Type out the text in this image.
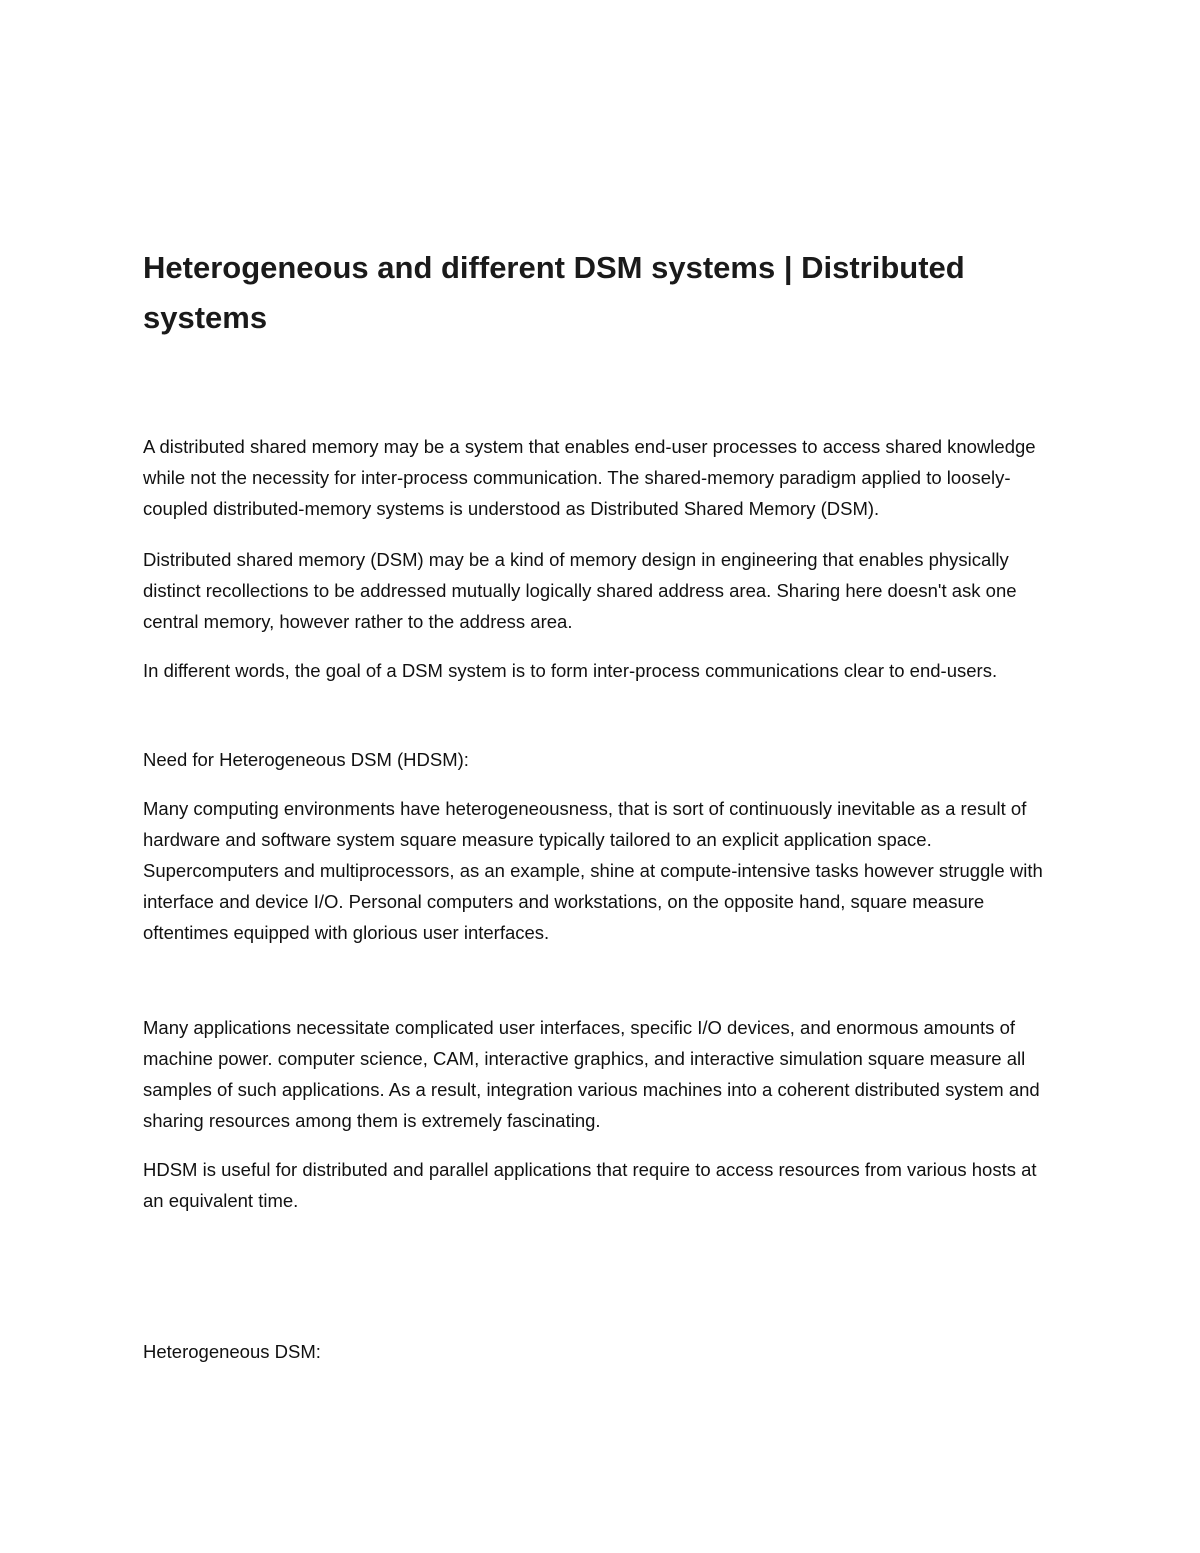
Heterogeneous and different DSM systems | Distributed systems

A distributed shared memory may be a system that enables end-user processes to access shared knowledge while not the necessity for inter-process communication. The shared-memory paradigm applied to loosely-coupled distributed-memory systems is understood as Distributed Shared Memory (DSM).

Distributed shared memory (DSM) may be a kind of memory design in engineering that enables physically distinct recollections to be addressed mutually logically shared address area. Sharing here doesn't ask one central memory, however rather to the address area.

In different words, the goal of a DSM system is to form inter-process communications clear to end-users.

Need for Heterogeneous DSM (HDSM):

Many computing environments have heterogeneousness, that is sort of continuously inevitable as a result of hardware and software system square measure typically tailored to an explicit application space. Supercomputers and multiprocessors, as an example, shine at compute-intensive tasks however struggle with interface and device I/O. Personal computers and workstations, on the opposite hand, square measure oftentimes equipped with glorious user interfaces.

Many applications necessitate complicated user interfaces, specific I/O devices, and enormous amounts of machine power. computer science, CAM, interactive graphics, and interactive simulation square measure all samples of such applications. As a result, integration various machines into a coherent distributed system and sharing resources among them is extremely fascinating.

HDSM is useful for distributed and parallel applications that require to access resources from various hosts at an equivalent time.

Heterogeneous DSM:
